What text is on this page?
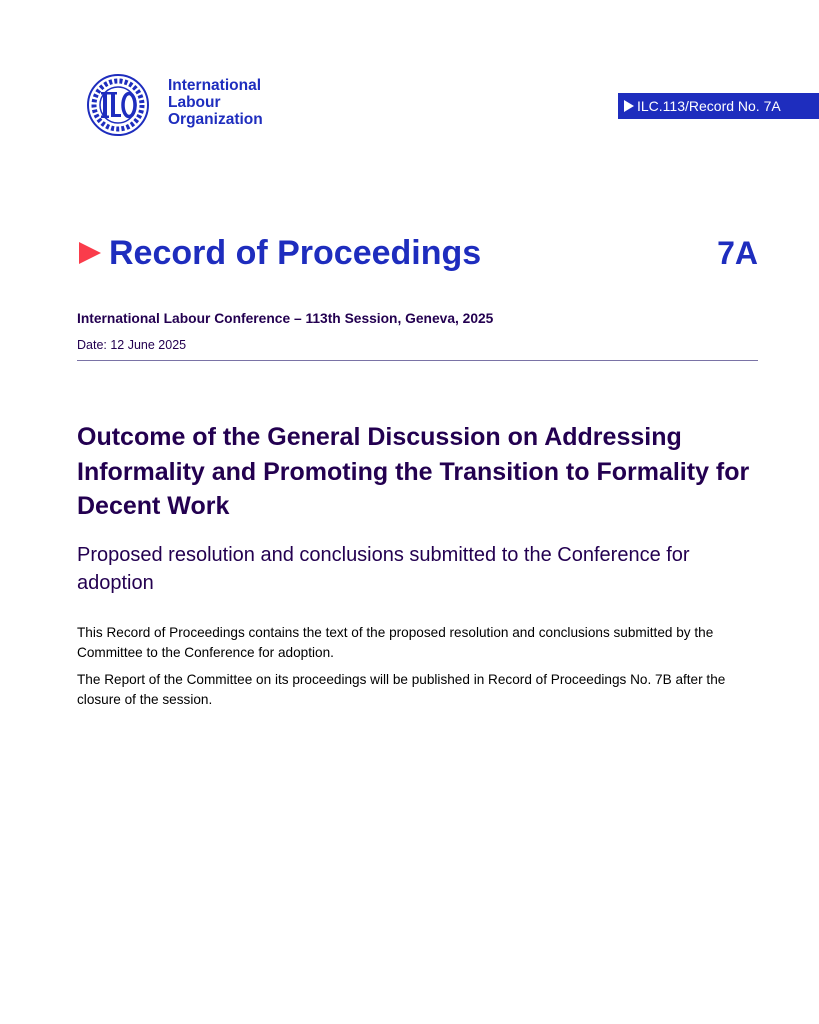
International
Labour
Organization
ILC.113/Record No. 7A
Record of Proceedings	7A
International Labour Conference – 113th Session, Geneva, 2025
Date: 12 June 2025
Outcome of the General Discussion on Addressing Informality and Promoting the Transition to Formality for Decent Work
Proposed resolution and conclusions submitted to the Conference for adoption

This Record of Proceedings contains the text of the proposed resolution and conclusions submitted by the Committee to the Conference for adoption.

The Report of the Committee on its proceedings will be published in Record of Proceedings No. 7B after the closure of the session.
